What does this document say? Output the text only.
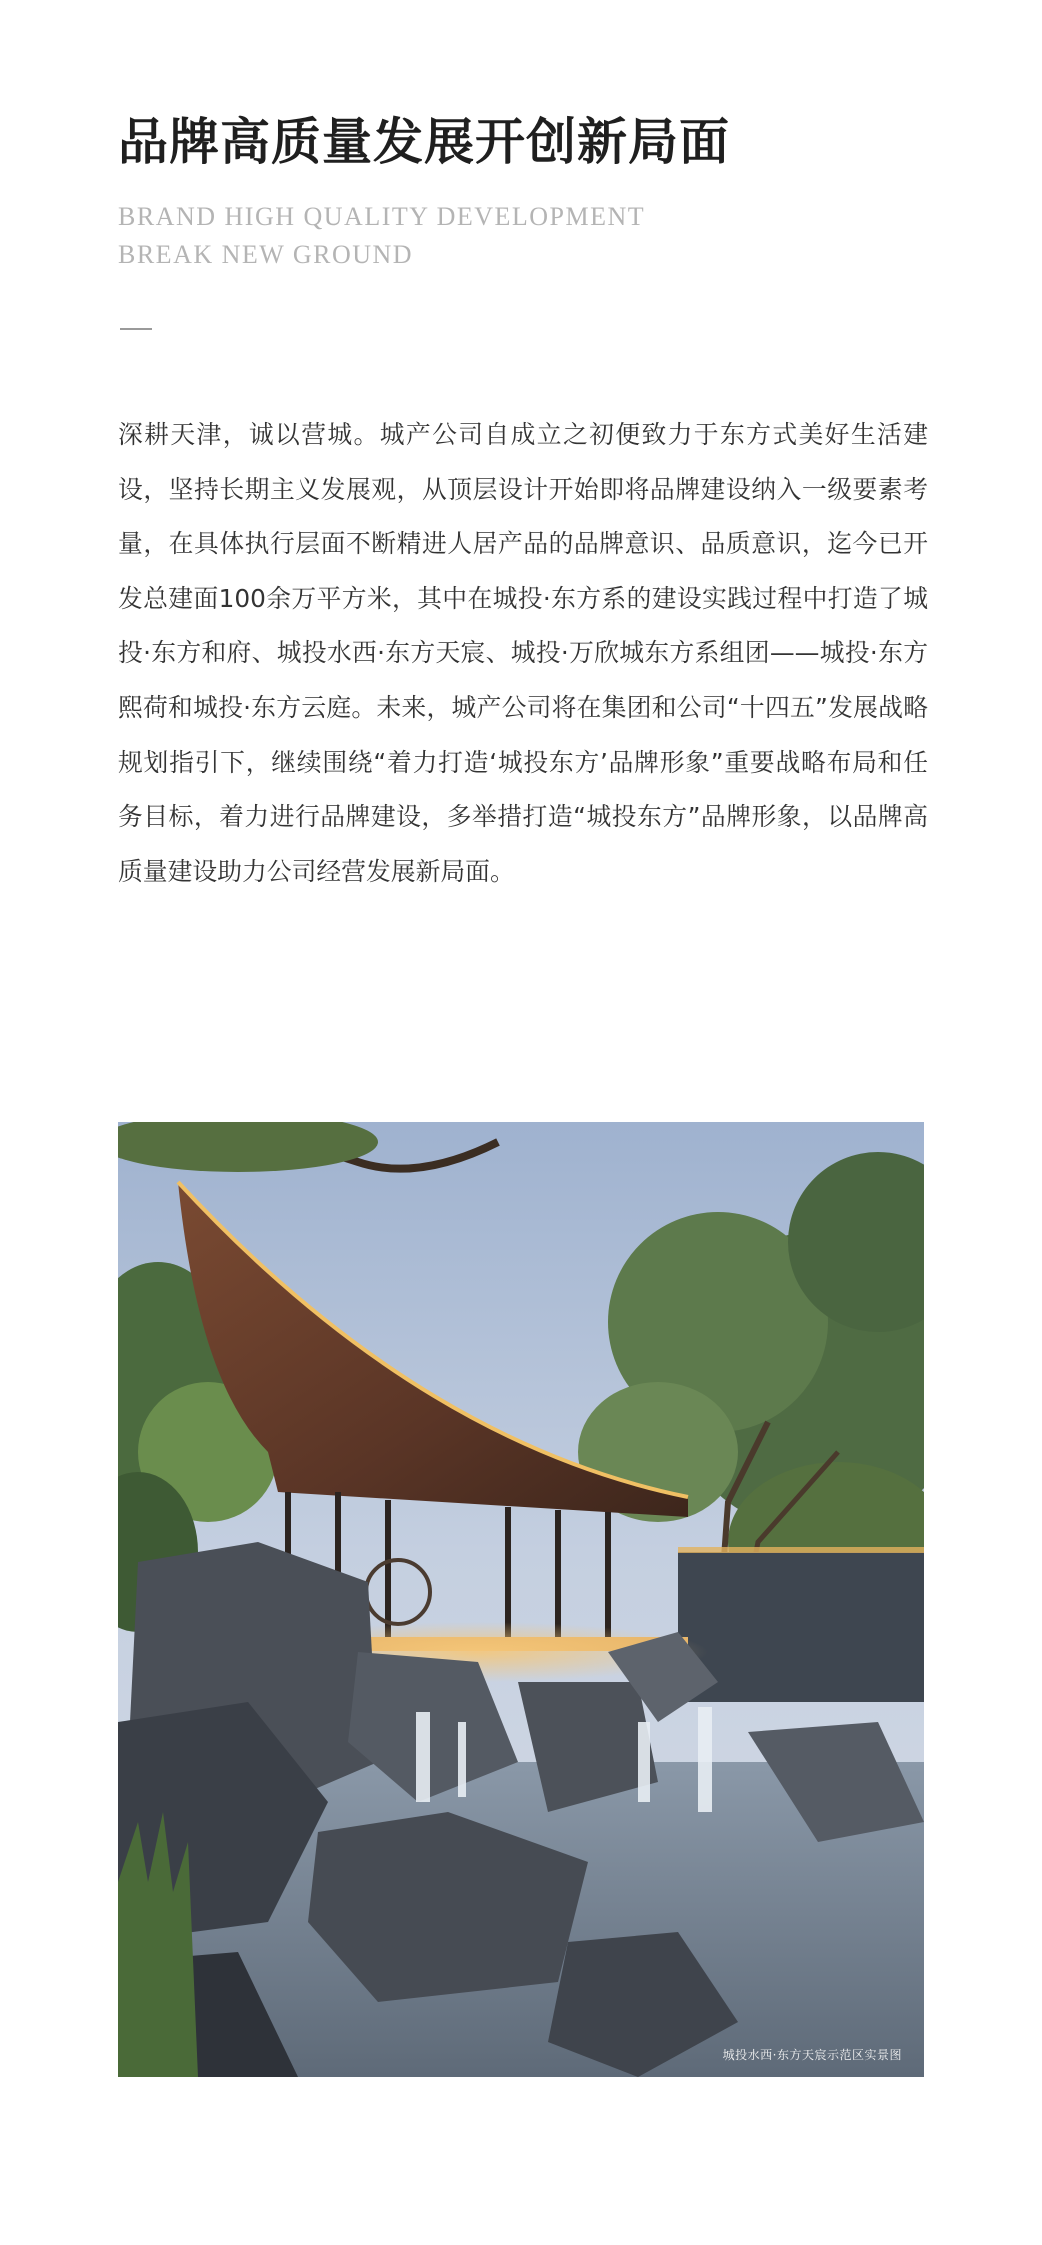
品牌高质量发展开创新局面
BRAND HIGH QUALITY DEVELOPMENT
BREAK NEW GROUND

深耕天津，诚以营城。城产公司自成立之初便致力于东方式美好生活建设，坚持长期主义发展观，从顶层设计开始即将品牌建设纳入一级要素考量，在具体执行层面不断精进人居产品的品牌意识、品质意识，迄今已开发总建面100余万平方米，其中在城投·东方系的建设实践过程中打造了城投·东方和府、城投水西·东方天宸、城投·万欣城东方系组团——城投·东方熙荷和城投·东方云庭。未来，城产公司将在集团和公司“十四五”发展战略规划指引下，继续围绕“着力打造‘城投东方’品牌形象”重要战略布局和任务目标，着力进行品牌建设，多举措打造“城投东方”品牌形象，以品牌高质量建设助力公司经营发展新局面。

城投水西·东方天宸示范区实景图
